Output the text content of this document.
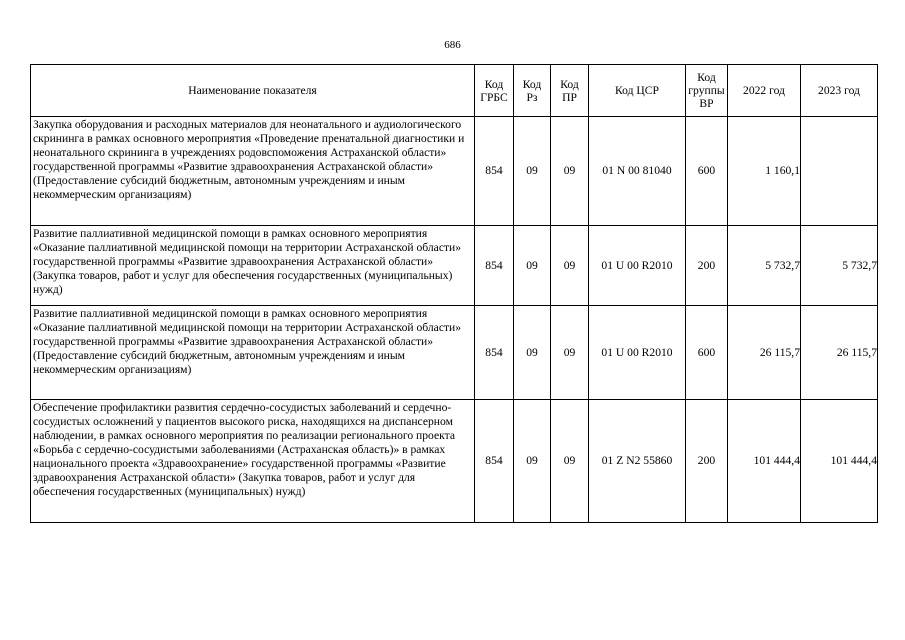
686
Наименование показателя	Код ГРБС	Код Рз	Код ПР	Код ЦСР	Код группы ВР	2022 год	2023 год
Закупка оборудования и расходных материалов для неонатального и аудиологического скрининга в рамках основного мероприятия «Проведение пренатальной диагностики и неонатального скрининга в учреждениях родовспоможения Астраханской области» государственной программы «Развитие здравоохранения Астраханской области» (Предоставление субсидий бюджетным, автономным учреждениям и иным некоммерческим организациям)	854	09	09	01 N 00 81040	600	1 160,1	
Развитие паллиативной медицинской помощи в рамках основного мероприятия «Оказание паллиативной медицинской помощи на территории Астраханской области» государственной программы «Развитие здравоохранения Астраханской области» (Закупка товаров, работ и услуг для обеспечения государственных (муниципальных) нужд)	854	09	09	01 U 00 R2010	200	5 732,7	5 732,7
Развитие паллиативной медицинской помощи в рамках основного мероприятия «Оказание паллиативной медицинской помощи на территории Астраханской области» государственной программы «Развитие здравоохранения Астраханской области» (Предоставление субсидий бюджетным, автономным учреждениям и иным некоммерческим организациям)	854	09	09	01 U 00 R2010	600	26 115,7	26 115,7
Обеспечение профилактики развития сердечно-сосудистых заболеваний и сердечно-сосудистых осложнений у пациентов высокого риска, находящихся на диспансерном наблюдении, в рамках основного мероприятия по реализации регионального проекта «Борьба с сердечно-сосудистыми заболеваниями (Астраханская область)» в рамках национального проекта «Здравоохранение» государственной программы «Развитие здравоохранения Астраханской области» (Закупка товаров, работ и услуг для обеспечения государственных (муниципальных) нужд)	854	09	09	01 Z N2 55860	200	101 444,4	101 444,4
